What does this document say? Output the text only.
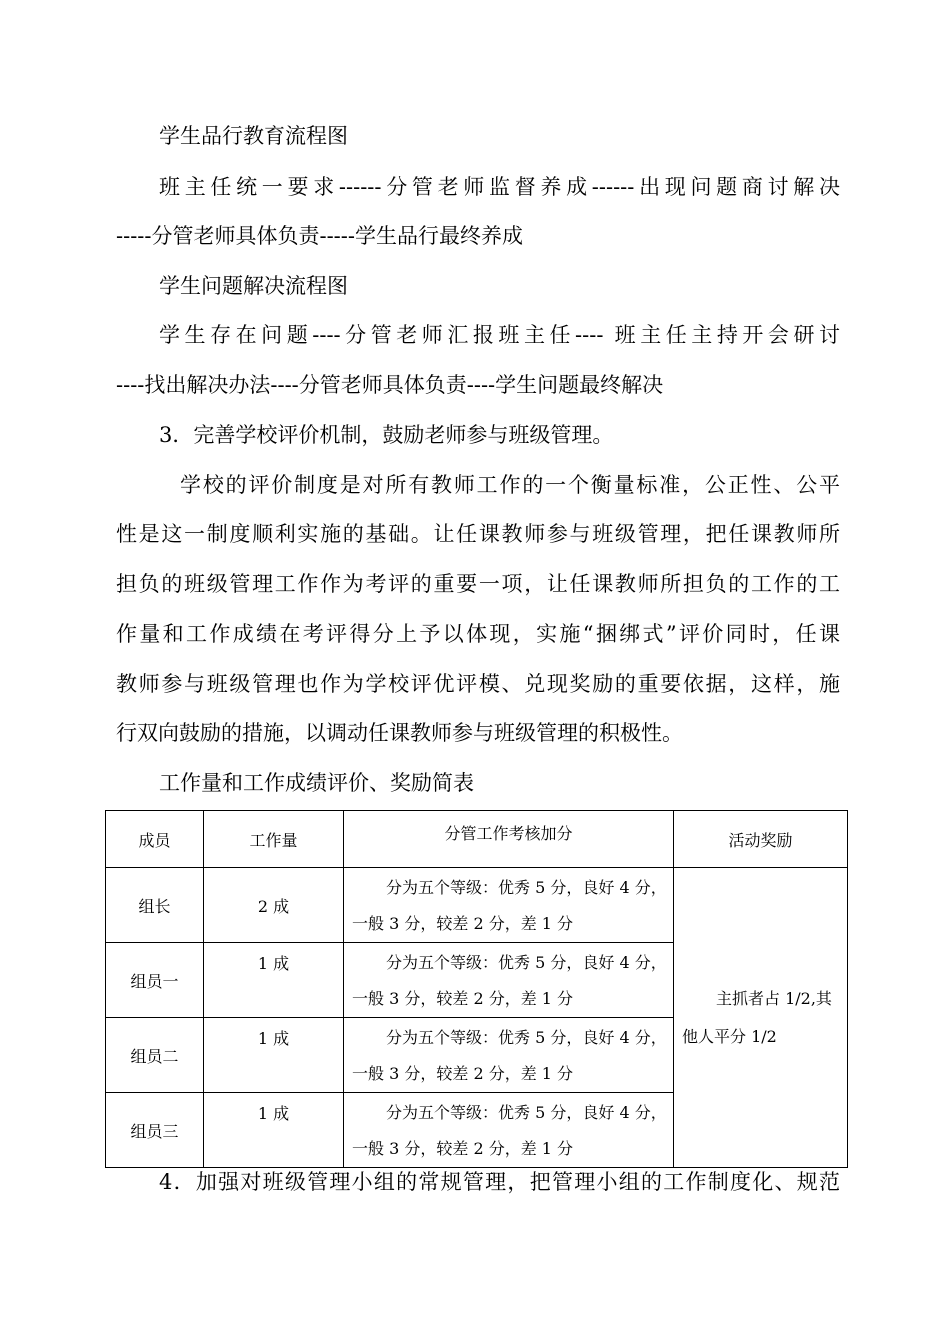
学生品行教育流程图
班主任统一要求------分管老师监督养成------出现问题商讨解决
-----分管老师具体负责-----学生品行最终养成
学生问题解决流程图
学生存在问题----分管老师汇报班主任---- 班主任主持开会研讨
----找出解决办法----分管老师具体负责----学生问题最终解决
3．完善学校评价机制，鼓励老师参与班级管理。
学校的评价制度是对所有教师工作的一个衡量标准，公正性、公平
性是这一制度顺利实施的基础。让任课教师参与班级管理，把任课教师所
担负的班级管理工作作为考评的重要一项，让任课教师所担负的工作的工
作量和工作成绩在考评得分上予以体现，实施“捆绑式”评价同时，任课
教师参与班级管理也作为学校评优评模、兑现奖励的重要依据，这样，施
行双向鼓励的措施，以调动任课教师参与班级管理的积极性。
工作量和工作成绩评价、奖励简表
成员	工作量	分管工作考核加分	活动奖励
组长	2 成	分为五个等级：优秀 5 分，良好 4 分，
一般 3 分，较差 2 分，差 1 分	主抓者占 1/2,其
他人平分 1/2

组员一	1 成	分为五个等级：优秀 5 分，良好 4 分，
一般 3 分，较差 2 分，差 1 分	

组员二	1 成	分为五个等级：优秀 5 分，良好 4 分，
一般 3 分，较差 2 分，差 1 分	

组员三	1 成	分为五个等级：优秀 5 分，良好 4 分，
一般 3 分，较差 2 分，差 1 分	
4．加强对班级管理小组的常规管理，把管理小组的工作制度化、规范
